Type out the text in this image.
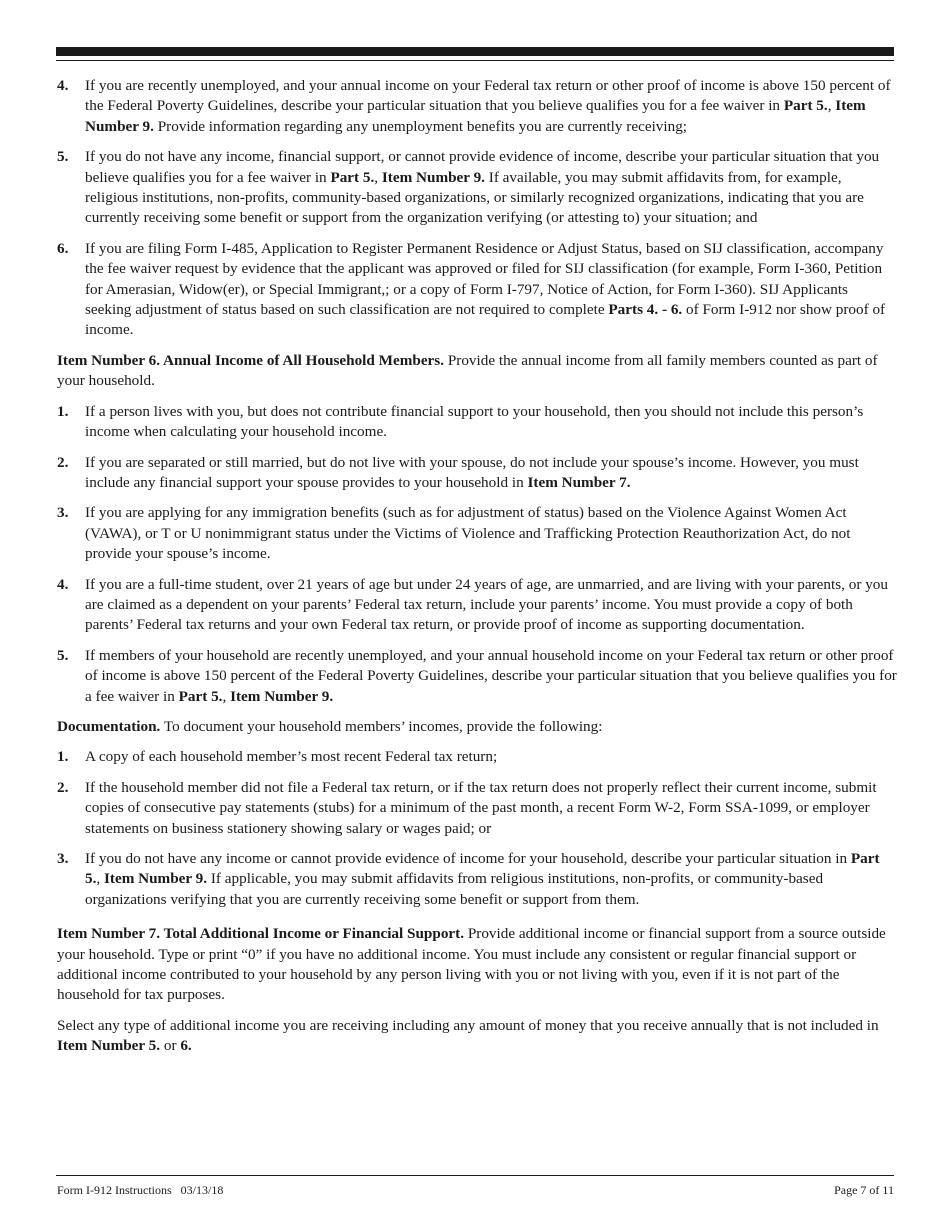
4. If you are recently unemployed, and your annual income on your Federal tax return or other proof of income is above 150 percent of the Federal Poverty Guidelines, describe your particular situation that you believe qualifies you for a fee waiver in Part 5., Item Number 9. Provide information regarding any unemployment benefits you are currently receiving;
5. If you do not have any income, financial support, or cannot provide evidence of income, describe your particular situation that you believe qualifies you for a fee waiver in Part 5., Item Number 9. If available, you may submit affidavits from, for example, religious institutions, non-profits, community-based organizations, or similarly recognized organizations, indicating that you are currently receiving some benefit or support from the organization verifying (or attesting to) your situation; and
6. If you are filing Form I-485, Application to Register Permanent Residence or Adjust Status, based on SIJ classification, accompany the fee waiver request by evidence that the applicant was approved or filed for SIJ classification (for example, Form I-360, Petition for Amerasian, Widow(er), or Special Immigrant,; or a copy of Form I-797, Notice of Action, for Form I-360). SIJ Applicants seeking adjustment of status based on such classification are not required to complete Parts 4. - 6. of Form I-912 nor show proof of income.

Item Number 6. Annual Income of All Household Members. Provide the annual income from all family members counted as part of your household.

1. If a person lives with you, but does not contribute financial support to your household, then you should not include this person’s income when calculating your household income.
2. If you are separated or still married, but do not live with your spouse, do not include your spouse’s income. However, you must include any financial support your spouse provides to your household in Item Number 7.
3. If you are applying for any immigration benefits (such as for adjustment of status) based on the Violence Against Women Act (VAWA), or T or U nonimmigrant status under the Victims of Violence and Trafficking Protection Reauthorization Act, do not provide your spouse’s income.
4. If you are a full-time student, over 21 years of age but under 24 years of age, are unmarried, and are living with your parents, or you are claimed as a dependent on your parents’ Federal tax return, include your parents’ income. You must provide a copy of both parents’ Federal tax returns and your own Federal tax return, or provide proof of income as supporting documentation.
5. If members of your household are recently unemployed, and your annual household income on your Federal tax return or other proof of income is above 150 percent of the Federal Poverty Guidelines, describe your particular situation that you believe qualifies you for a fee waiver in Part 5., Item Number 9.

Documentation. To document your household members’ incomes, provide the following:

1. A copy of each household member’s most recent Federal tax return;
2. If the household member did not file a Federal tax return, or if the tax return does not properly reflect their current income, submit copies of consecutive pay statements (stubs) for a minimum of the past month, a recent Form W-2, Form SSA-1099, or employer statements on business stationery showing salary or wages paid; or
3. If you do not have any income or cannot provide evidence of income for your household, describe your particular situation in Part 5., Item Number 9. If applicable, you may submit affidavits from religious institutions, non-profits, or community-based organizations verifying that you are currently receiving some benefit or support from them.

Item Number 7. Total Additional Income or Financial Support. Provide additional income or financial support from a source outside your household. Type or print “0” if you have no additional income. You must include any consistent or regular financial support or additional income contributed to your household by any person living with you or not living with you, even if it is not part of the household for tax purposes.

Select any type of additional income you are receiving including any amount of money that you receive annually that is not included in Item Number 5. or 6.

Form I-912 Instructions   03/13/18	Page 7 of 11
